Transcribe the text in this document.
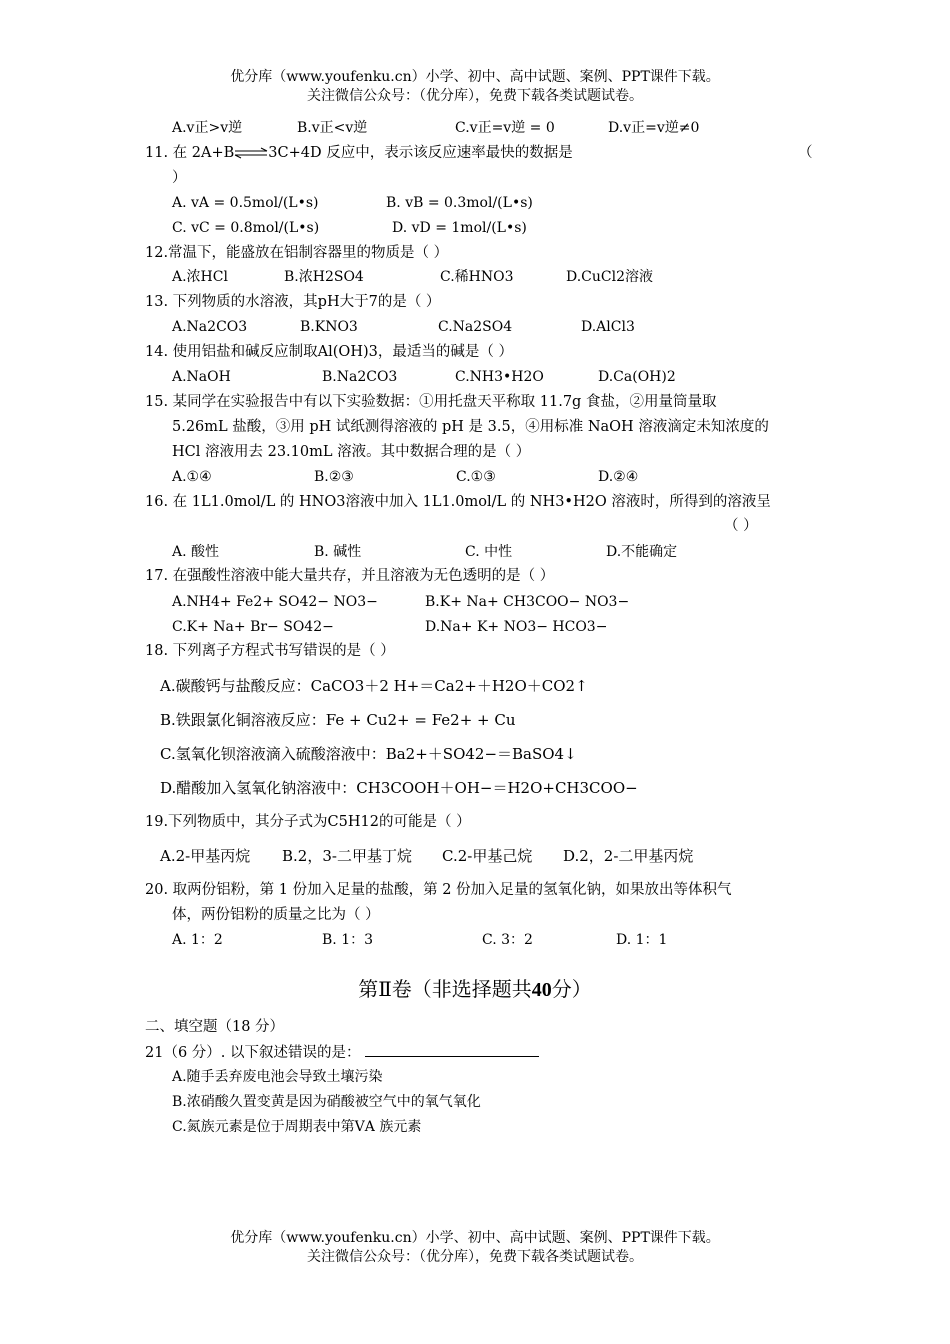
优分库（www.youfenku.cn）小学、初中、高中试题、案例、PPT课件下载。
关注微信公众号：（优分库），免费下载各类试题试卷。
A.v正>v逆	B.v正<v逆	C.v正=v逆 = 0	D.v正=v逆≠0
11. 在 2A+B⇌3C+4D 反应中，表示该反应速率最快的数据是	（
）
A. vA = 0.5mol/(L•s)	B. vB = 0.3mol/(L•s)
C. vC = 0.8mol/(L•s)	D. vD = 1mol/(L•s)
12.常温下，能盛放在铝制容器里的物质是（ ）
A.浓HCl	B.浓H2SO4	C.稀HNO3	D.CuCl2溶液
13. 下列物质的水溶液，其pH大于7的是（ ）
A.Na2CO3	B.KNO3	C.Na2SO4	D.AlCl3
14. 使用铝盐和碱反应制取Al(OH)3，最适当的碱是（ ）
A.NaOH	B.Na2CO3	C.NH3•H2O	D.Ca(OH)2
15. 某同学在实验报告中有以下实验数据：①用托盘天平称取 11.7g 食盐，②用量筒量取
5.26mL 盐酸，③用 pH 试纸测得溶液的 pH 是 3.5，④用标准 NaOH 溶液滴定未知浓度的
HCl 溶液用去 23.10mL 溶液。其中数据合理的是（ ）
A.①④	B.②③	C.①③	D.②④
16. 在 1L1.0mol/L 的 HNO3溶液中加入 1L1.0mol/L 的 NH3•H2O 溶液时，所得到的溶液呈
（ ）
A. 酸性	B. 碱性	C. 中性	D.不能确定
17. 在强酸性溶液中能大量共存，并且溶液为无色透明的是（ ）
A.NH4+ Fe2+ SO42− NO3−	B.K+ Na+ CH3COO− NO3−
C.K+ Na+ Br− SO42−	D.Na+ K+ NO3− HCO3−
18. 下列离子方程式书写错误的是（ ）
A.碳酸钙与盐酸反应：CaCO3＋2 H+＝Ca2+＋H2O＋CO2↑
B.铁跟氯化铜溶液反应：Fe + Cu2+ = Fe2+ + Cu
C.氢氧化钡溶液滴入硫酸溶液中：Ba2+＋SO42−＝BaSO4↓
D.醋酸加入氢氧化钠溶液中：CH3COOH＋OH−＝H2O+CH3COO−
19.下列物质中，其分子式为C5H12的可能是（ ）
A.2-甲基丙烷 B.2，3-二甲基丁烷 C.2-甲基己烷 D.2，2-二甲基丙烷
20. 取两份铝粉，第 1 份加入足量的盐酸，第 2 份加入足量的氢氧化钠，如果放出等体积气
体，两份铝粉的质量之比为（ ）
A. 1：2	B. 1：3	C. 3：2	D. 1：1
第Ⅱ卷（非选择题共40分）
二、填空题（18 分）
21（6 分）. 以下叙述错误的是：
A.随手丢弃废电池会导致土壤污染
B.浓硝酸久置变黄是因为硝酸被空气中的氧气氧化
C.氮族元素是位于周期表中第ⅤA 族元素
优分库（www.youfenku.cn）小学、初中、高中试题、案例、PPT课件下载。
关注微信公众号：（优分库），免费下载各类试题试卷。
